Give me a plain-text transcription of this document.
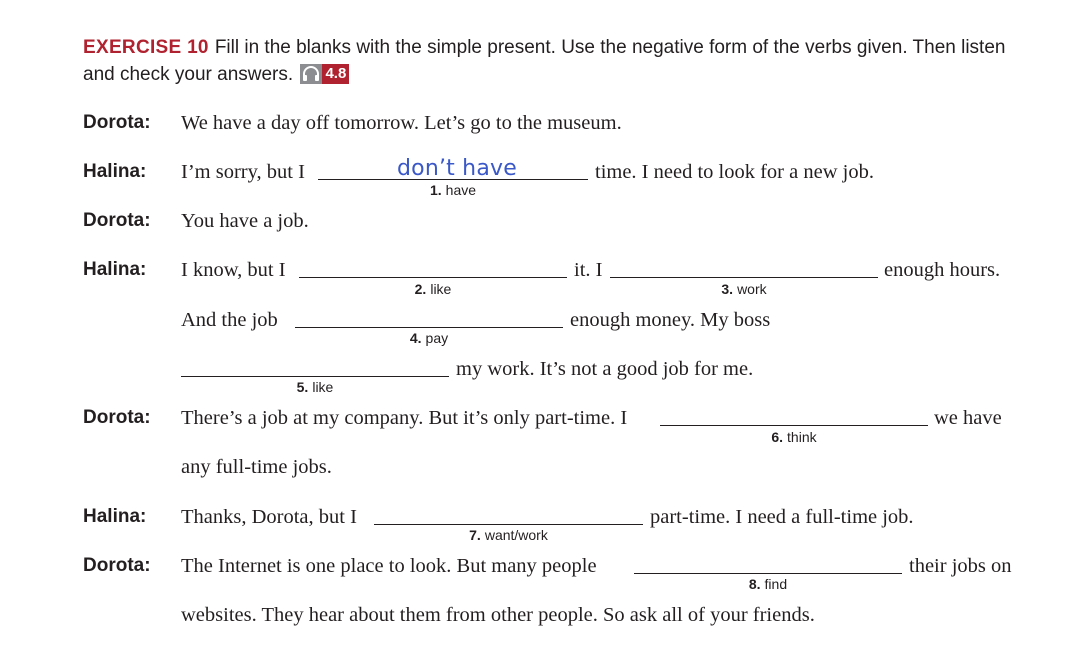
EXERCISE 10 Fill in the blanks with the simple present. Use the negative form of the verbs given. Then listen and check your answers. 4.8
Dorota: We have a day off tomorrow. Let’s go to the museum.
Halina: I’m sorry, but I	don’t have
1. have
time. I need to look for a new job.
Dorota: You have a job.
Halina: I know, but I
2. like
it. I
3. work
enough hours.
And the job
4. pay
enough money. My boss
5. like
my work. It’s not a good job for me.
Dorota: There’s a job at my company. But it’s only part-time. I
6. think
we have
any full-time jobs.
Halina: Thanks, Dorota, but I
7. want/work
part-time. I need a full-time job.
Dorota: The Internet is one place to look. But many people
8. find
their jobs on
websites. They hear about them from other people. So ask all of your friends.
